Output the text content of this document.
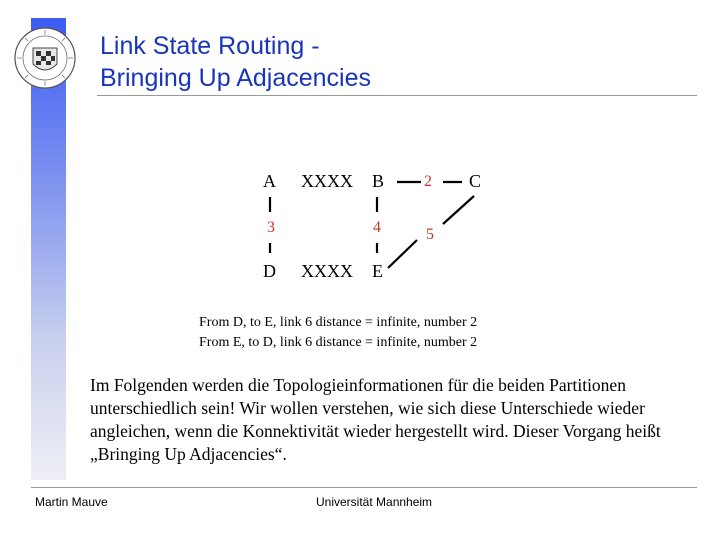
Link State Routing -
Bringing Up Adjacencies
A XXXX B 2 C
3	4	5
D XXXX E
From D, to E, link 6 distance = infinite, number 2
From E, to D, link 6 distance = infinite, number 2

Im Folgenden werden die Topologieinformationen für die beiden Partitionen unterschiedlich sein! Wir wollen verstehen, wie sich diese Unterschiede wieder angleichen, wenn die Konnektivität wieder hergestellt wird. Dieser Vorgang heißt „Bringing Up Adjacencies“.

Martin Mauve	Universität Mannheim
